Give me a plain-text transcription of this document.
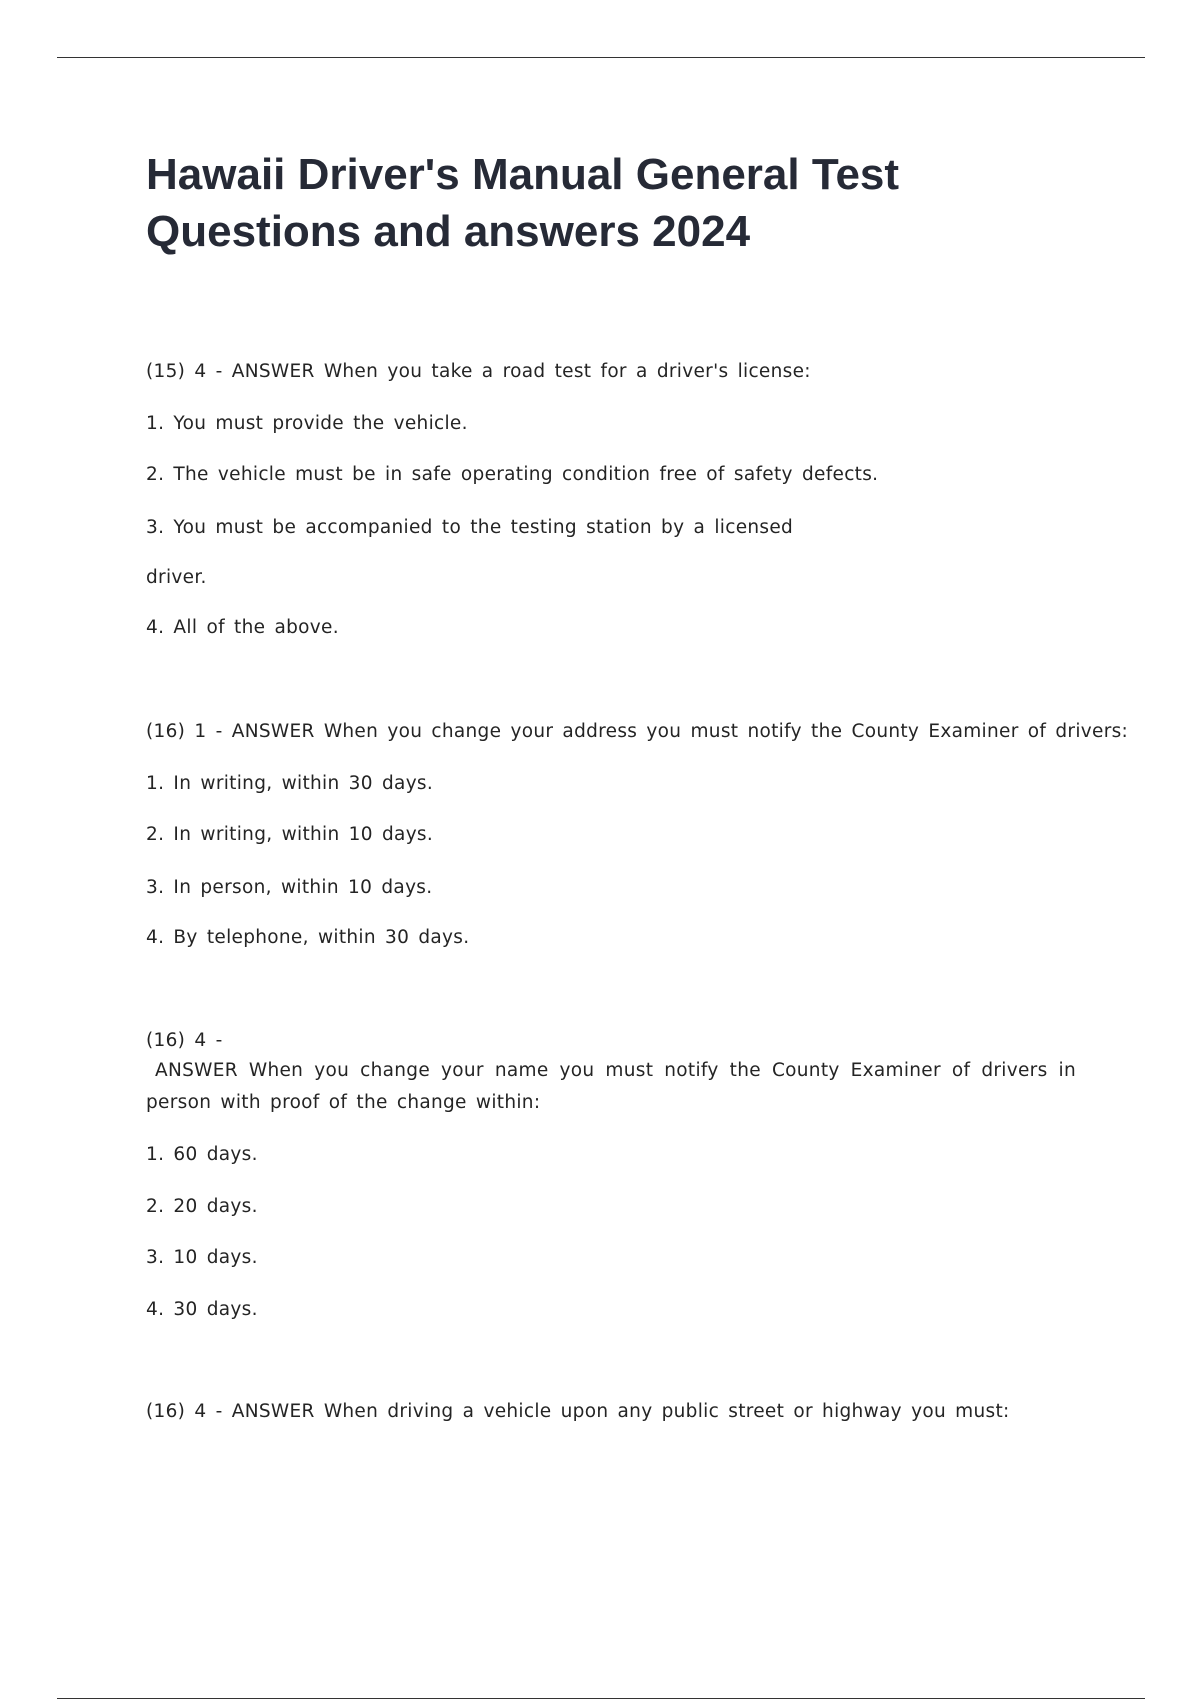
Hawaii Driver's Manual General Test Questions and answers 2024
(15) 4 - ANSWER When you take a road test for a driver's license:
1. You must provide the vehicle.
2. The vehicle must be in safe operating condition free of safety defects.
3. You must be accompanied to the testing station by a licensed
driver.
4. All of the above.
(16) 1 - ANSWER When you change your address you must notify the County Examiner of drivers:
1. In writing, within 30 days.
2. In writing, within 10 days.
3. In person, within 10 days.
4. By telephone, within 30 days.
(16) 4 -
ANSWER When you change your name you must notify the County Examiner of drivers in person with proof of the change within:
1. 60 days.
2. 20 days.
3. 10 days.
4. 30 days.
(16) 4 - ANSWER When driving a vehicle upon any public street or highway you must:
